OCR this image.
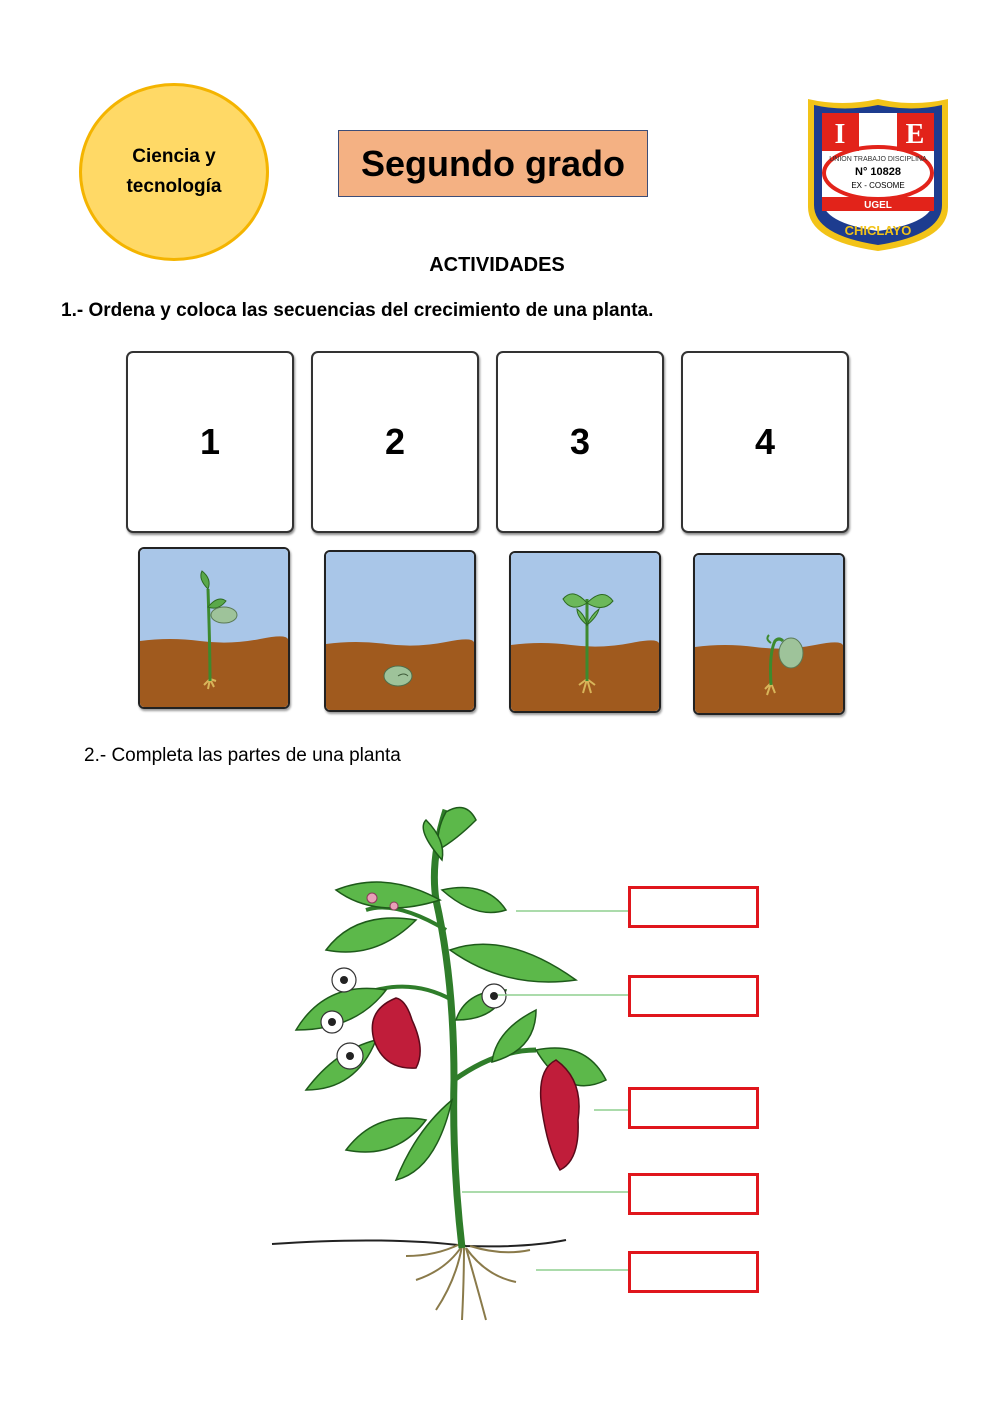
Ciencia y tecnología
Segundo grado
I E
UNION TRABAJO DISCIPLINA
N° 10828
EX - COSOME
UGEL
CHICLAYO
ACTIVIDADES
1.- Ordena y coloca las secuencias del crecimiento de una planta.
1	2	3	4
2.- Completa las partes de una planta
